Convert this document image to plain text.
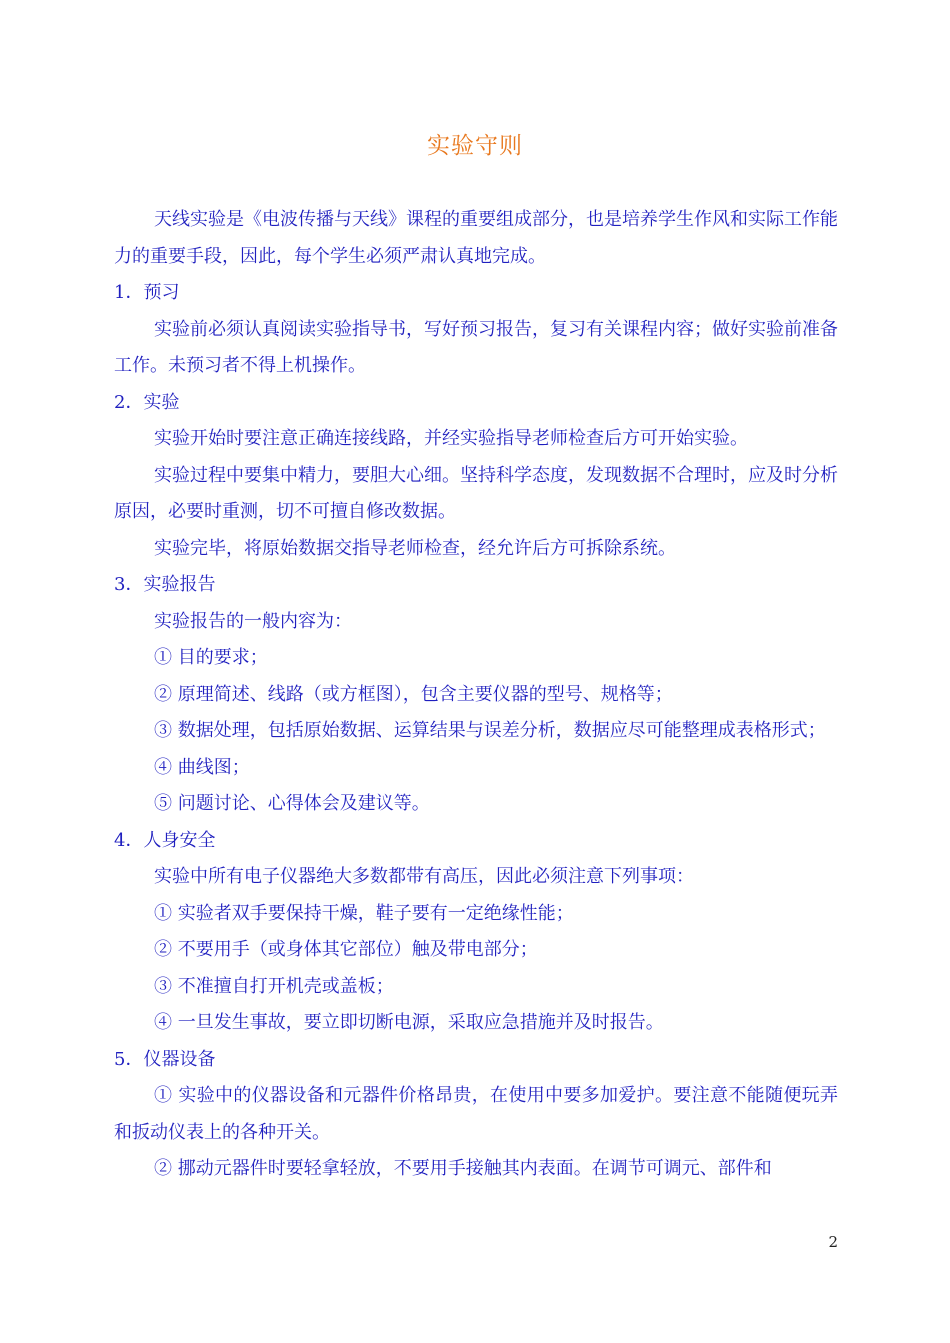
实验守则

天线实验是《电波传播与天线》课程的重要组成部分，也是培养学生作风和实际工作能力的重要手段，因此，每个学生必须严肃认真地完成。

1．预习

实验前必须认真阅读实验指导书，写好预习报告，复习有关课程内容；做好实验前准备工作。未预习者不得上机操作。

2．实验

实验开始时要注意正确连接线路，并经实验指导老师检查后方可开始实验。

实验过程中要集中精力，要胆大心细。坚持科学态度，发现数据不合理时，应及时分析原因，必要时重测，切不可擅自修改数据。

实验完毕，将原始数据交指导老师检查，经允许后方可拆除系统。

3．实验报告

实验报告的一般内容为：

① 目的要求；

② 原理简述、线路（或方框图），包含主要仪器的型号、规格等；

③ 数据处理，包括原始数据、运算结果与误差分析，数据应尽可能整理成表格形式；

④ 曲线图；

⑤ 问题讨论、心得体会及建议等。

4．人身安全

实验中所有电子仪器绝大多数都带有高压，因此必须注意下列事项：

① 实验者双手要保持干燥，鞋子要有一定绝缘性能；

② 不要用手（或身体其它部位）触及带电部分；

③ 不准擅自打开机壳或盖板；

④ 一旦发生事故，要立即切断电源，采取应急措施并及时报告。

5．仪器设备

① 实验中的仪器设备和元器件价格昂贵，在使用中要多加爱护。要注意不能随便玩弄和扳动仪表上的各种开关。

② 挪动元器件时要轻拿轻放，不要用手接触其内表面。在调节可调元、部件和

2
